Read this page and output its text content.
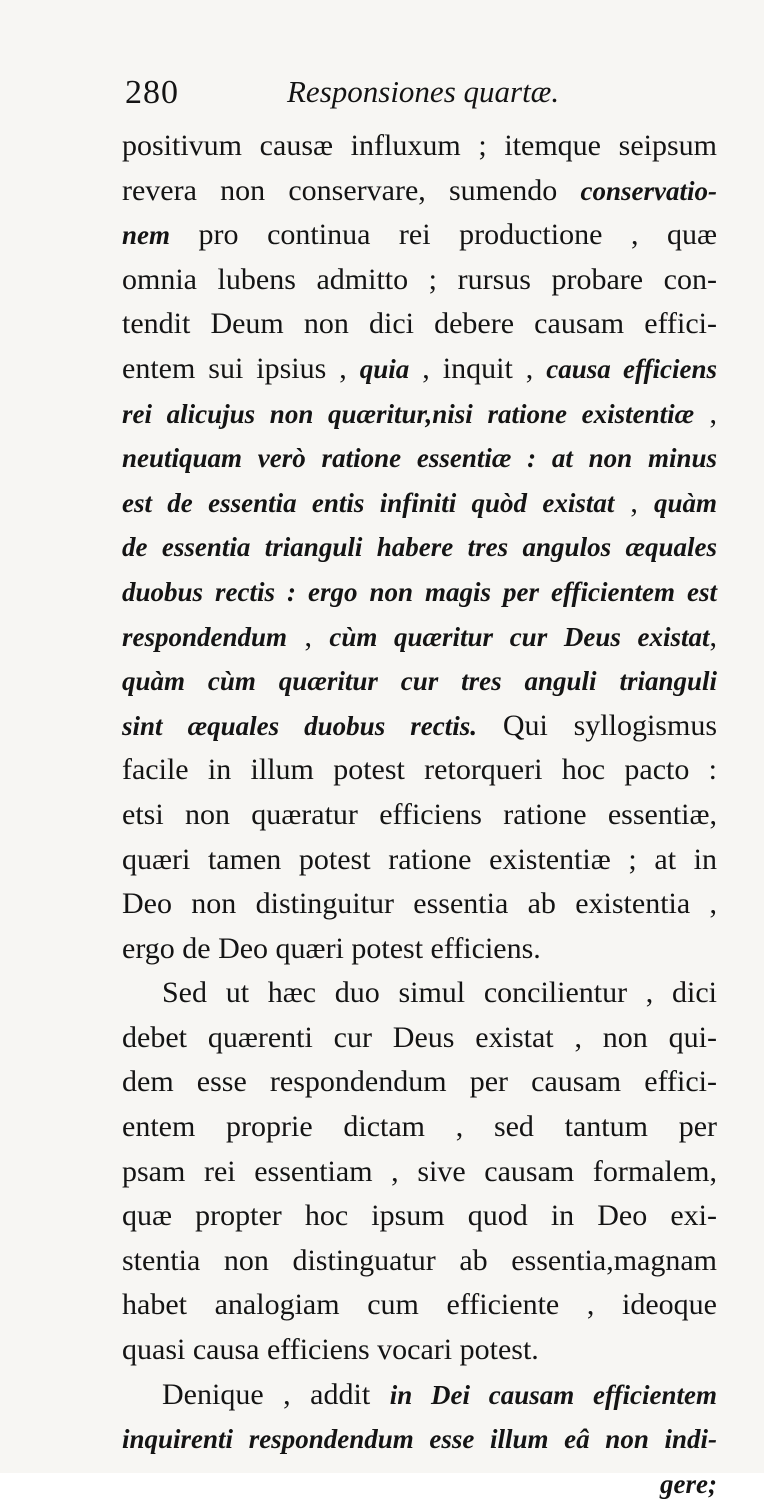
280	Responsiones quartæ.
positivum causæ influxum ; itemque seipsum
revera non conservare, sumendo conservatio-
nem pro continua rei productione , quæ
omnia lubens admitto ; rursus probare con-
tendit Deum non dici debere causam effici-
entem sui ipsius , quia , inquit , causa efficiens
rei alicujus non quæritur,nisi ratione existentiæ ,
neutiquam verò ratione essentiæ : at non minus
est de essentia entis infiniti quòd existat , quàm
de essentia trianguli habere tres angulos æquales
duobus rectis : ergo non magis per efficientem est
respondendum , cùm quæritur cur Deus existat,
quàm cùm quæritur cur tres anguli trianguli
sint æquales duobus rectis. Qui syllogismus
facile in illum potest retorqueri hoc pacto :
etsi non quæratur efficiens ratione essentiæ,
quæri tamen potest ratione existentiæ ; at in
Deo non distinguitur essentia ab existentia ,
ergo de Deo quæri potest efficiens.
Sed ut hæc duo simul concilientur , dici
debet quærenti cur Deus existat , non qui-
dem esse respondendum per causam effici-
entem proprie dictam , sed tantum per
psam rei essentiam , sive causam formalem,
quæ propter hoc ipsum quod in Deo exi-
stentia non distinguatur ab essentia,magnam
habet analogiam cum efficiente , ideoque
quasi causa efficiens vocari potest.
Denique , addit in Dei causam efficientem
inquirenti respondendum esse illum eâ non indi-
gere;
